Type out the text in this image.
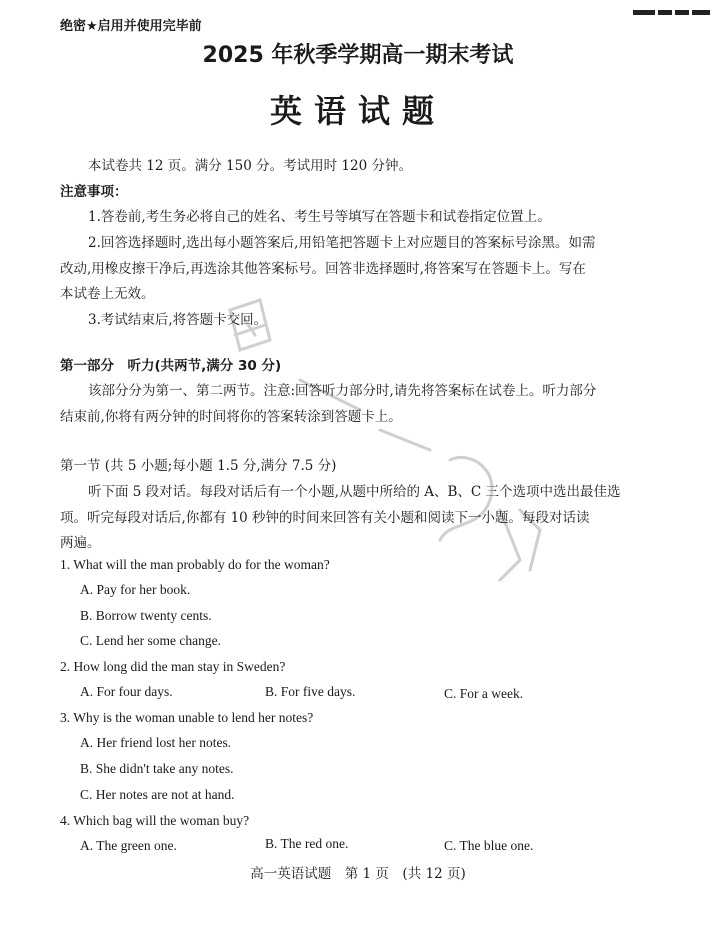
绝密★启用并使用完毕前
2025 年秋季学期高一期末考试
英语试题
本试卷共 12 页。满分 150 分。考试用时 120 分钟。
注意事项：
1.答卷前,考生务必将自己的姓名、考生号等填写在答题卡和试卷指定位置上。
2.回答选择题时,选出每小题答案后,用铅笔把答题卡上对应题目的答案标号涂黑。如需
改动,用橡皮擦干净后,再选涂其他答案标号。回答非选择题时,将答案写在答题卡上。写在
本试卷上无效。
3.考试结束后,将答题卡交回。
第一部分　听力(共两节,满分 30 分)
该部分分为第一、第二两节。注意:回答听力部分时,请先将答案标在试卷上。听力部分
结束前,你将有两分钟的时间将你的答案转涂到答题卡上。
第一节 (共 5 小题;每小题 1.5 分,满分 7.5 分)
听下面 5 段对话。每段对话后有一个小题,从题中所给的 A、B、C 三个选项中选出最佳选
项。听完每段对话后,你都有 10 秒钟的时间来回答有关小题和阅读下一小题。每段对话读
两遍。
1. What will the man probably do for the woman?
A. Pay for her book.
B. Borrow twenty cents.
C. Lend her some change.
2. How long did the man stay in Sweden?
A. For four days.	B. For five days.	C. For a week.
3. Why is the woman unable to lend her notes?
A. Her friend lost her notes.
B. She didn't take any notes.
C. Her notes are not at hand.
4. Which bag will the woman buy?
A. The green one.	B. The red one.	C. The blue one.
高一英语试题　第 1 页　(共 12 页)
